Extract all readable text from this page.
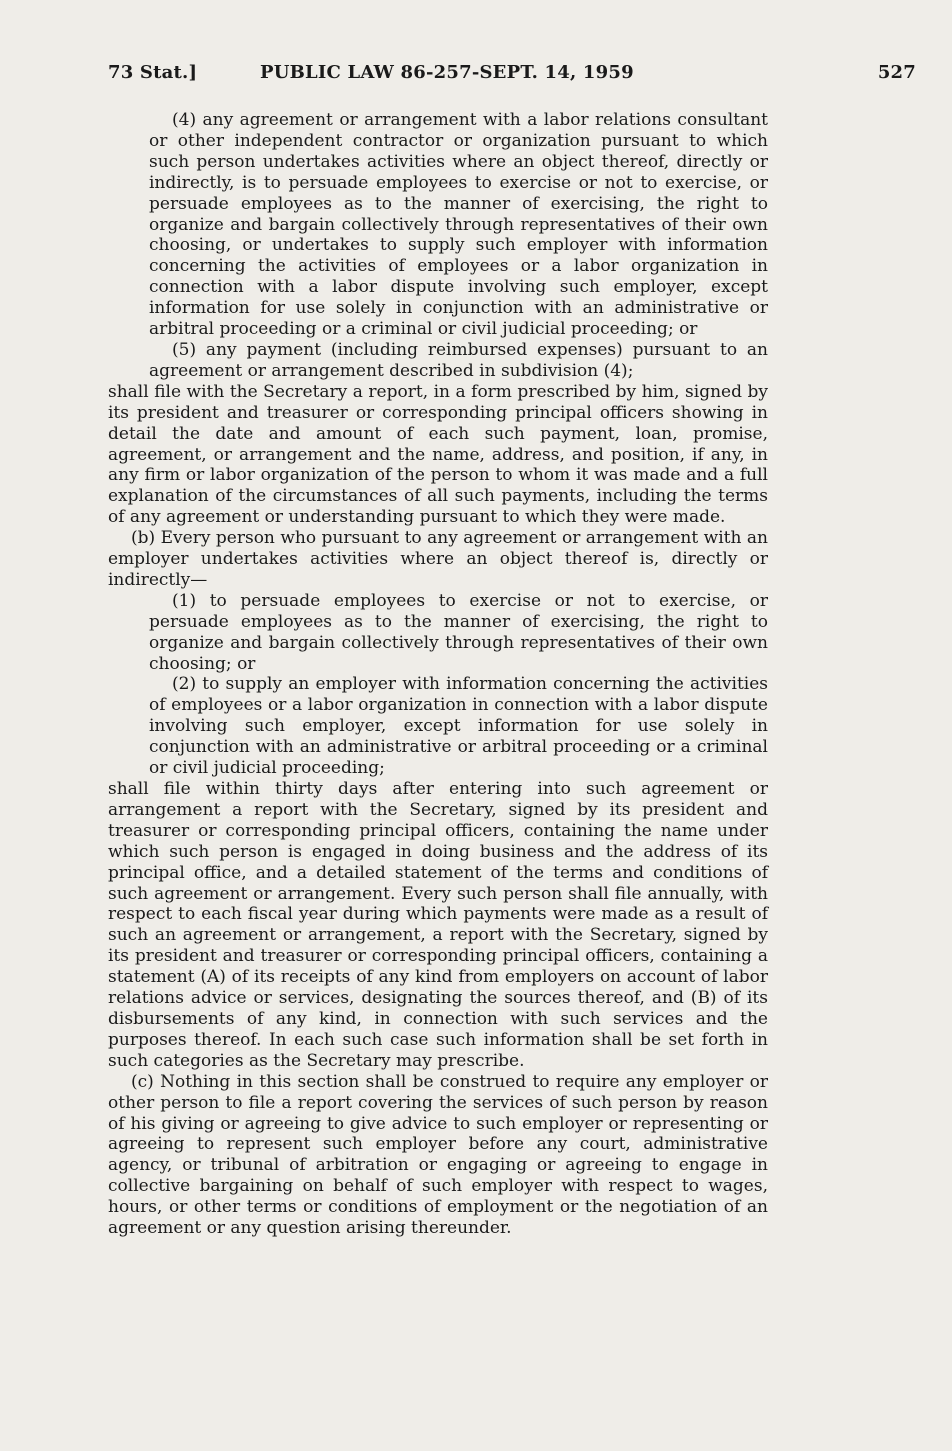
73 Stat.]	PUBLIC LAW 86-257-SEPT. 14, 1959	527

(4) any agreement or arrangement with a labor relations consultant or other independent contractor or organization pursuant to which such person undertakes activities where an object thereof, directly or indirectly, is to persuade employees to exercise or not to exercise, or persuade employees as to the manner of exercising, the right to organize and bargain collectively through representatives of their own choosing, or undertakes to supply such employer with information concerning the activities of employees or a labor organization in connection with a labor dispute involving such employer, except information for use solely in conjunction with an administrative or arbitral proceeding or a criminal or civil judicial proceeding; or

(5) any payment (including reimbursed expenses) pursuant to an agreement or arrangement described in subdivision (4);

shall file with the Secretary a report, in a form prescribed by him, signed by its president and treasurer or corresponding principal officers showing in detail the date and amount of each such payment, loan, promise, agreement, or arrangement and the name, address, and position, if any, in any firm or labor organization of the person to whom it was made and a full explanation of the circumstances of all such payments, including the terms of any agreement or understanding pursuant to which they were made.

(b) Every person who pursuant to any agreement or arrangement with an employer undertakes activities where an object thereof is, directly or indirectly—

(1) to persuade employees to exercise or not to exercise, or persuade employees as to the manner of exercising, the right to organize and bargain collectively through representatives of their own choosing; or

(2) to supply an employer with information concerning the activities of employees or a labor organization in connection with a labor dispute involving such employer, except information for use solely in conjunction with an administrative or arbitral proceeding or a criminal or civil judicial proceeding;

shall file within thirty days after entering into such agreement or arrangement a report with the Secretary, signed by its president and treasurer or corresponding principal officers, containing the name under which such person is engaged in doing business and the address of its principal office, and a detailed statement of the terms and conditions of such agreement or arrangement. Every such person shall file annually, with respect to each fiscal year during which payments were made as a result of such an agreement or arrangement, a report with the Secretary, signed by its president and treasurer or corresponding principal officers, containing a statement (A) of its receipts of any kind from employers on account of labor relations advice or services, designating the sources thereof, and (B) of its disbursements of any kind, in connection with such services and the purposes thereof. In each such case such information shall be set forth in such categories as the Secretary may prescribe.

(c) Nothing in this section shall be construed to require any employer or other person to file a report covering the services of such person by reason of his giving or agreeing to give advice to such employer or representing or agreeing to represent such employer before any court, administrative agency, or tribunal of arbitration or engaging or agreeing to engage in collective bargaining on behalf of such employer with respect to wages, hours, or other terms or conditions of employment or the negotiation of an agreement or any question arising thereunder.
